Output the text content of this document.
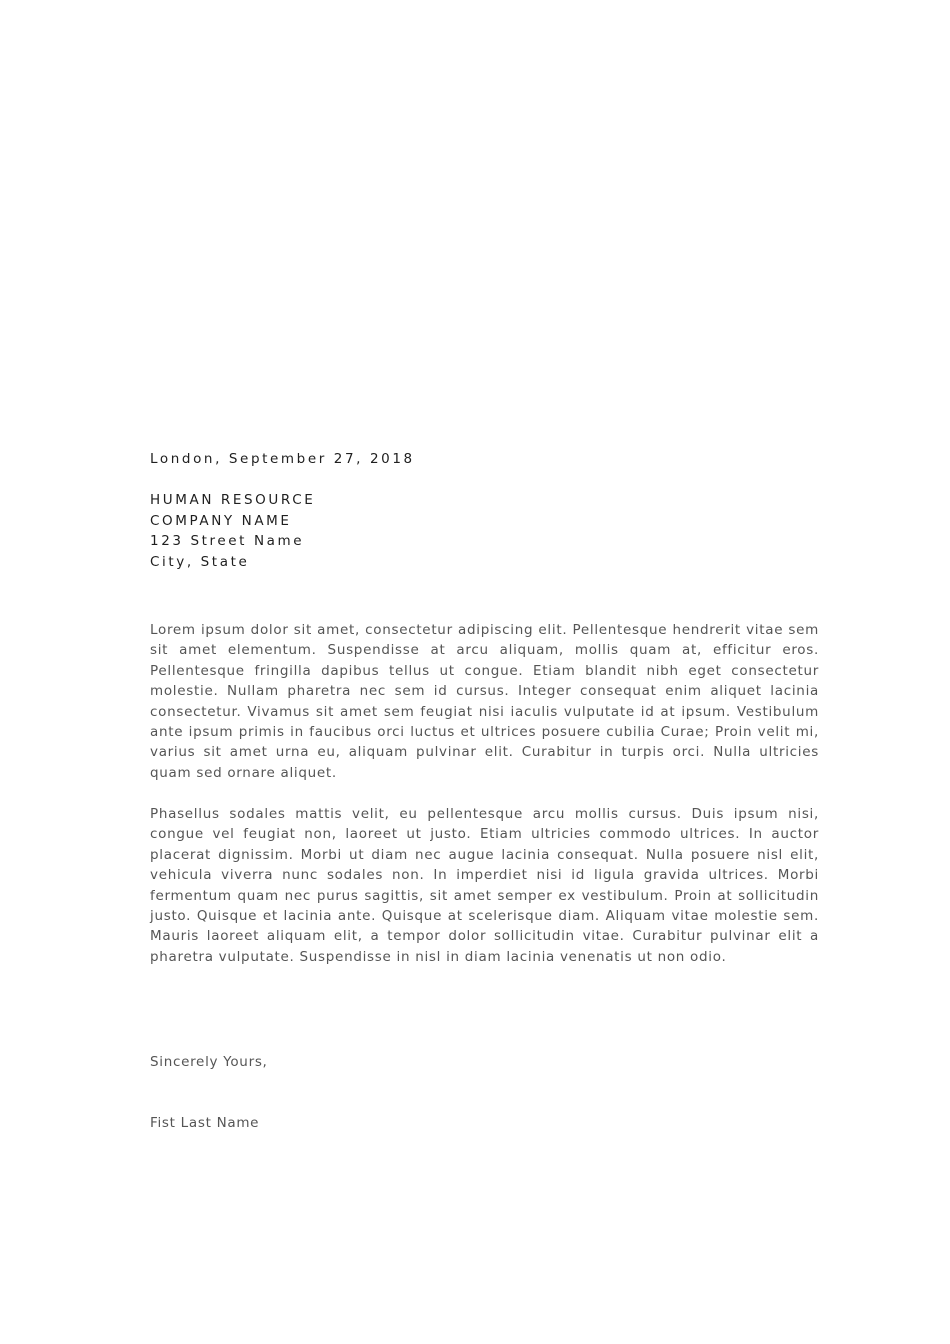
London, September 27, 2018
HUMAN RESOURCE
COMPANY NAME
123 Street Name
City, State

Lorem ipsum dolor sit amet, consectetur adipiscing elit. Pellentesque hendrerit vitae sem sit amet elementum. Suspendisse at arcu aliquam, mollis quam at, efficitur eros. Pellentesque fringilla dapibus tellus ut congue. Etiam blandit nibh eget consectetur molestie. Nullam pharetra nec sem id cursus. Integer consequat enim aliquet lacinia consectetur. Vivamus sit amet sem feugiat nisi iaculis vulputate id at ipsum. Vestibulum ante ipsum primis in faucibus orci luctus et ultrices posuere cubilia Curae; Proin velit mi, varius sit amet urna eu, aliquam pulvinar elit. Curabitur in turpis orci. Nulla ultricies quam sed ornare aliquet.

Phasellus sodales mattis velit, eu pellentesque arcu mollis cursus. Duis ipsum nisi, congue vel feugiat non, laoreet ut justo. Etiam ultricies commodo ultrices. In auctor placerat dignissim. Morbi ut diam nec augue lacinia consequat. Nulla posuere nisl elit, vehicula viverra nunc sodales non. In imperdiet nisi id ligula gravida ultrices. Morbi fermentum quam nec purus sagittis, sit amet semper ex vestibulum. Proin at sollicitudin justo. Quisque et lacinia ante. Quisque at scelerisque diam. Aliquam vitae molestie sem. Mauris laoreet aliquam elit, a tempor dolor sollicitudin vitae. Curabitur pulvinar elit a pharetra vulputate. Suspendisse in nisl in diam lacinia venenatis ut non odio.

Sincerely Yours,
Fist Last Name
